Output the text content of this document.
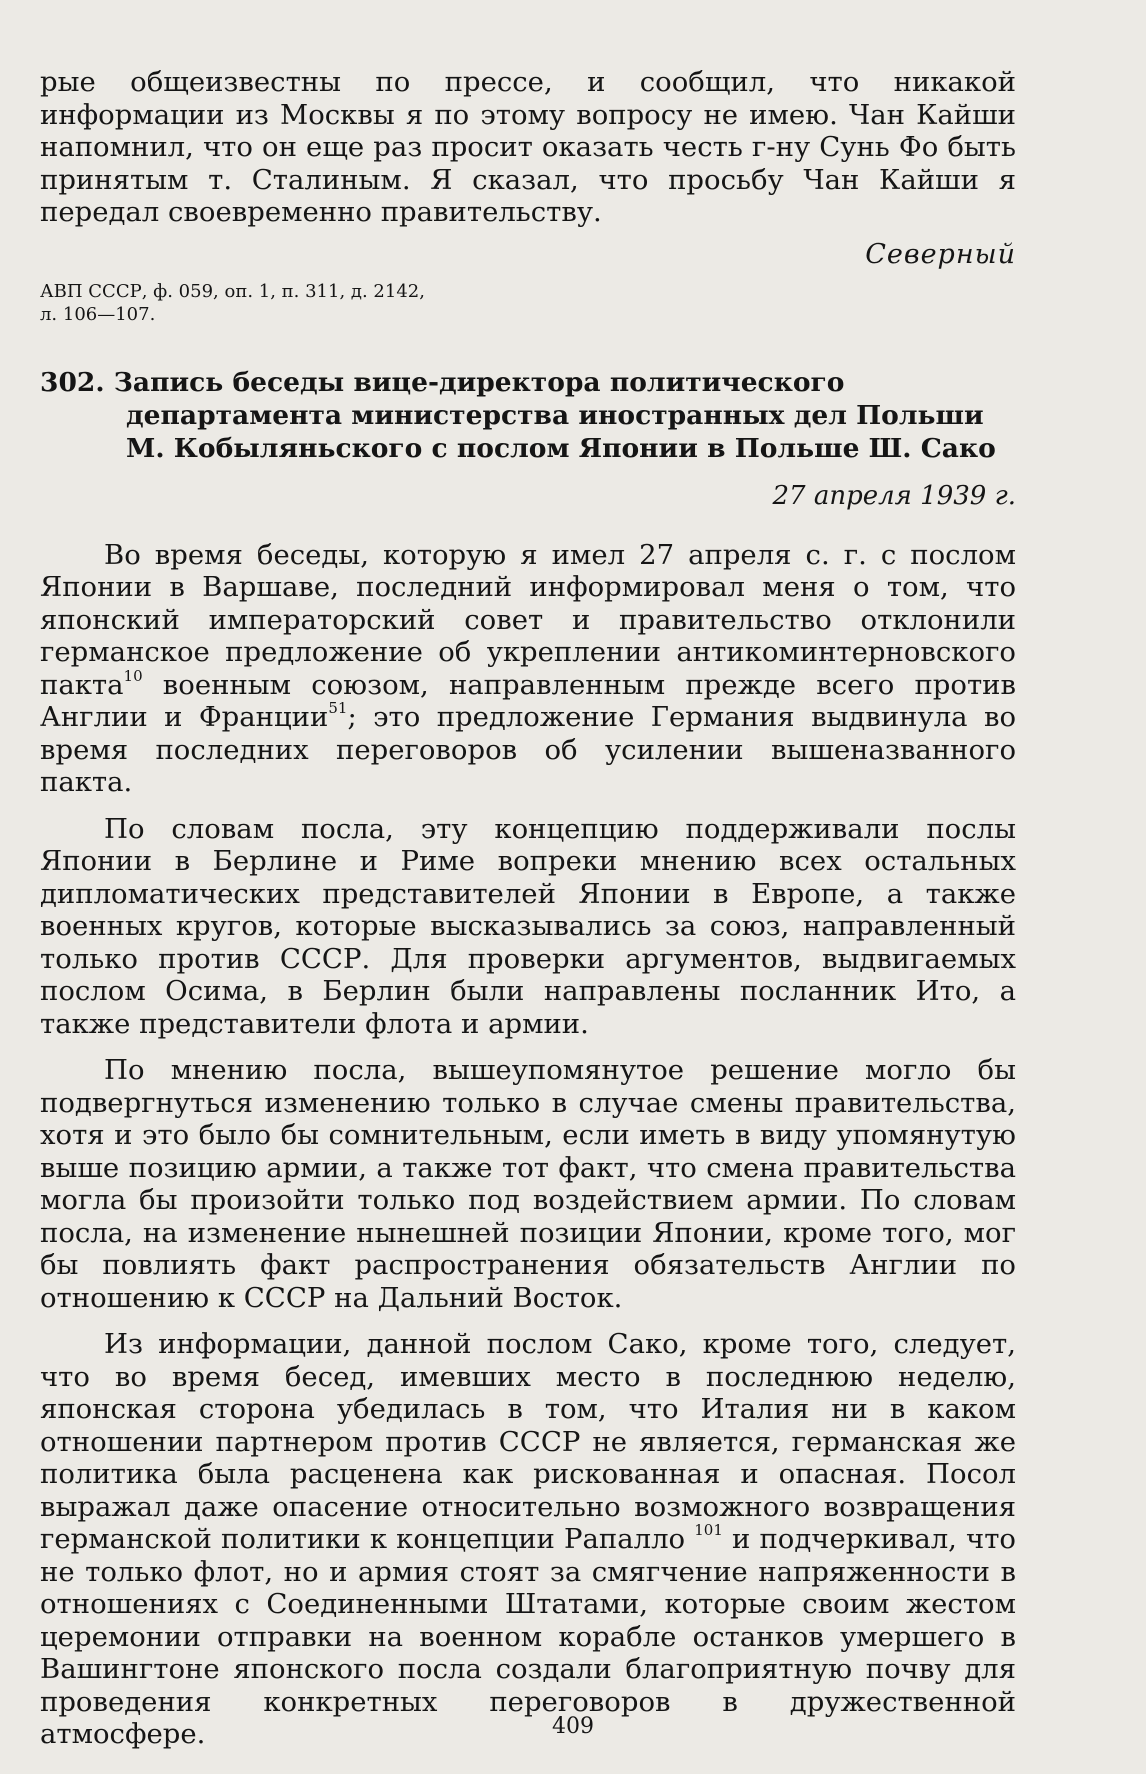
рые общеизвестны по прессе, и сообщил, что никакой информации из Москвы я по этому вопросу не имею. Чан Кайши напомнил, что он еще раз просит оказать честь г-ну Сунь Фо быть принятым т. Сталиным. Я сказал, что просьбу Чан Кайши я передал своевременно правительству.

Северный

АВП СССР, ф. 059, оп. 1, п. 311, д. 2142,
л. 106—107.
302. Запись беседы вице-директора политического департамента министерства иностранных дел Польши М. Кобыляньского с послом Японии в Польше Ш. Сако
27 апреля 1939 г.

Во время беседы, которую я имел 27 апреля с. г. с послом Японии в Варшаве, последний информировал меня о том, что японский императорский совет и правительство отклонили германское предложение об укреплении антикоминтерновского пакта$^{10}$ военным союзом, направленным прежде всего против Англии и Франции$^{51}$; это предложение Германия выдвинула во время последних переговоров об усилении вышеназванного пакта.

По словам посла, эту концепцию поддерживали послы Японии в Берлине и Риме вопреки мнению всех остальных дипломатических представителей Японии в Европе, а также военных кругов, которые высказывались за союз, направленный только против СССР. Для проверки аргументов, выдвигаемых послом Осима, в Берлин были направлены посланник Ито, а также представители флота и армии.

По мнению посла, вышеупомянутое решение могло бы подвергнуться изменению только в случае смены правительства, хотя и это было бы сомнительным, если иметь в виду упомянутую выше позицию армии, а также тот факт, что смена правительства могла бы произойти только под воздействием армии. По словам посла, на изменение нынешней позиции Японии, кроме того, мог бы повлиять факт распространения обязательств Англии по отношению к СССР на Дальний Восток.

Из информации, данной послом Сако, кроме того, следует, что во время бесед, имевших место в последнюю неделю, японская сторона убедилась в том, что Италия ни в каком отношении партнером против СССР не является, германская же политика была расценена как рискованная и опасная. Посол выражал даже опасение относительно возможного возвращения германской политики к концепции Рапалло $^{101}$ и подчеркивал, что не только флот, но и армия стоят за смягчение напряженности в отношениях с Соединенными Штатами, которые своим жестом церемонии отправки на военном корабле останков умершего в Вашингтоне японского посла создали благоприятную почву для проведения конкретных переговоров в дружественной атмосфере.	409
